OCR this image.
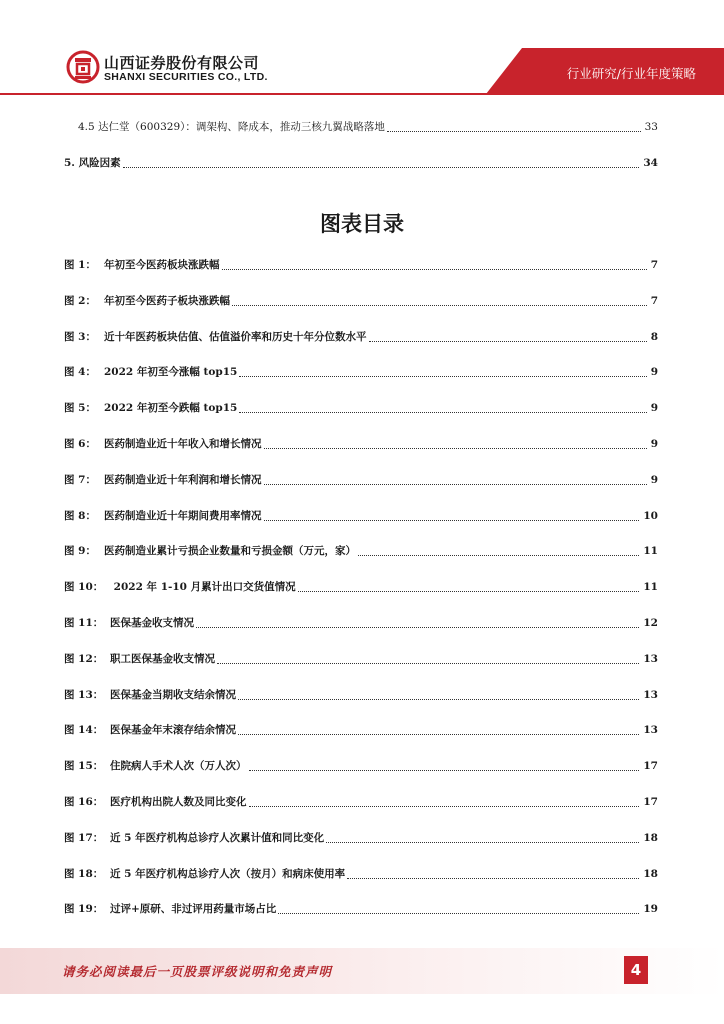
山西证券股份有限公司
SHANXI SECURITIES CO., LTD.	行业研究/行业年度策略
4.5 达仁堂（600329）：调架构、降成本，推动三核九翼战略落地	33
5. 风险因素	34
图表目录
图 1： 年初至今医药板块涨跌幅	7
图 2： 年初至今医药子板块涨跌幅	7
图 3： 近十年医药板块估值、估值溢价率和历史十年分位数水平	8
图 4： 2022 年初至今涨幅 top15	9
图 5： 2022 年初至今跌幅 top15	9
图 6： 医药制造业近十年收入和增长情况	9
图 7： 医药制造业近十年利润和增长情况	9
图 8： 医药制造业近十年期间费用率情况	10
图 9： 医药制造业累计亏损企业数量和亏损金额（万元，家）	11
图 10： 2022 年 1-10 月累计出口交货值情况	11
图 11： 医保基金收支情况	12
图 12： 职工医保基金收支情况	13
图 13： 医保基金当期收支结余情况	13
图 14： 医保基金年末滚存结余情况	13
图 15： 住院病人手术人次（万人次）	17
图 16： 医疗机构出院人数及同比变化	17
图 17： 近 5 年医疗机构总诊疗人次累计值和同比变化	18
图 18： 近 5 年医疗机构总诊疗人次（按月）和病床使用率	18
图 19： 过评+原研、非过评用药量市场占比	19
请务必阅读最后一页股票评级说明和免责声明	4
